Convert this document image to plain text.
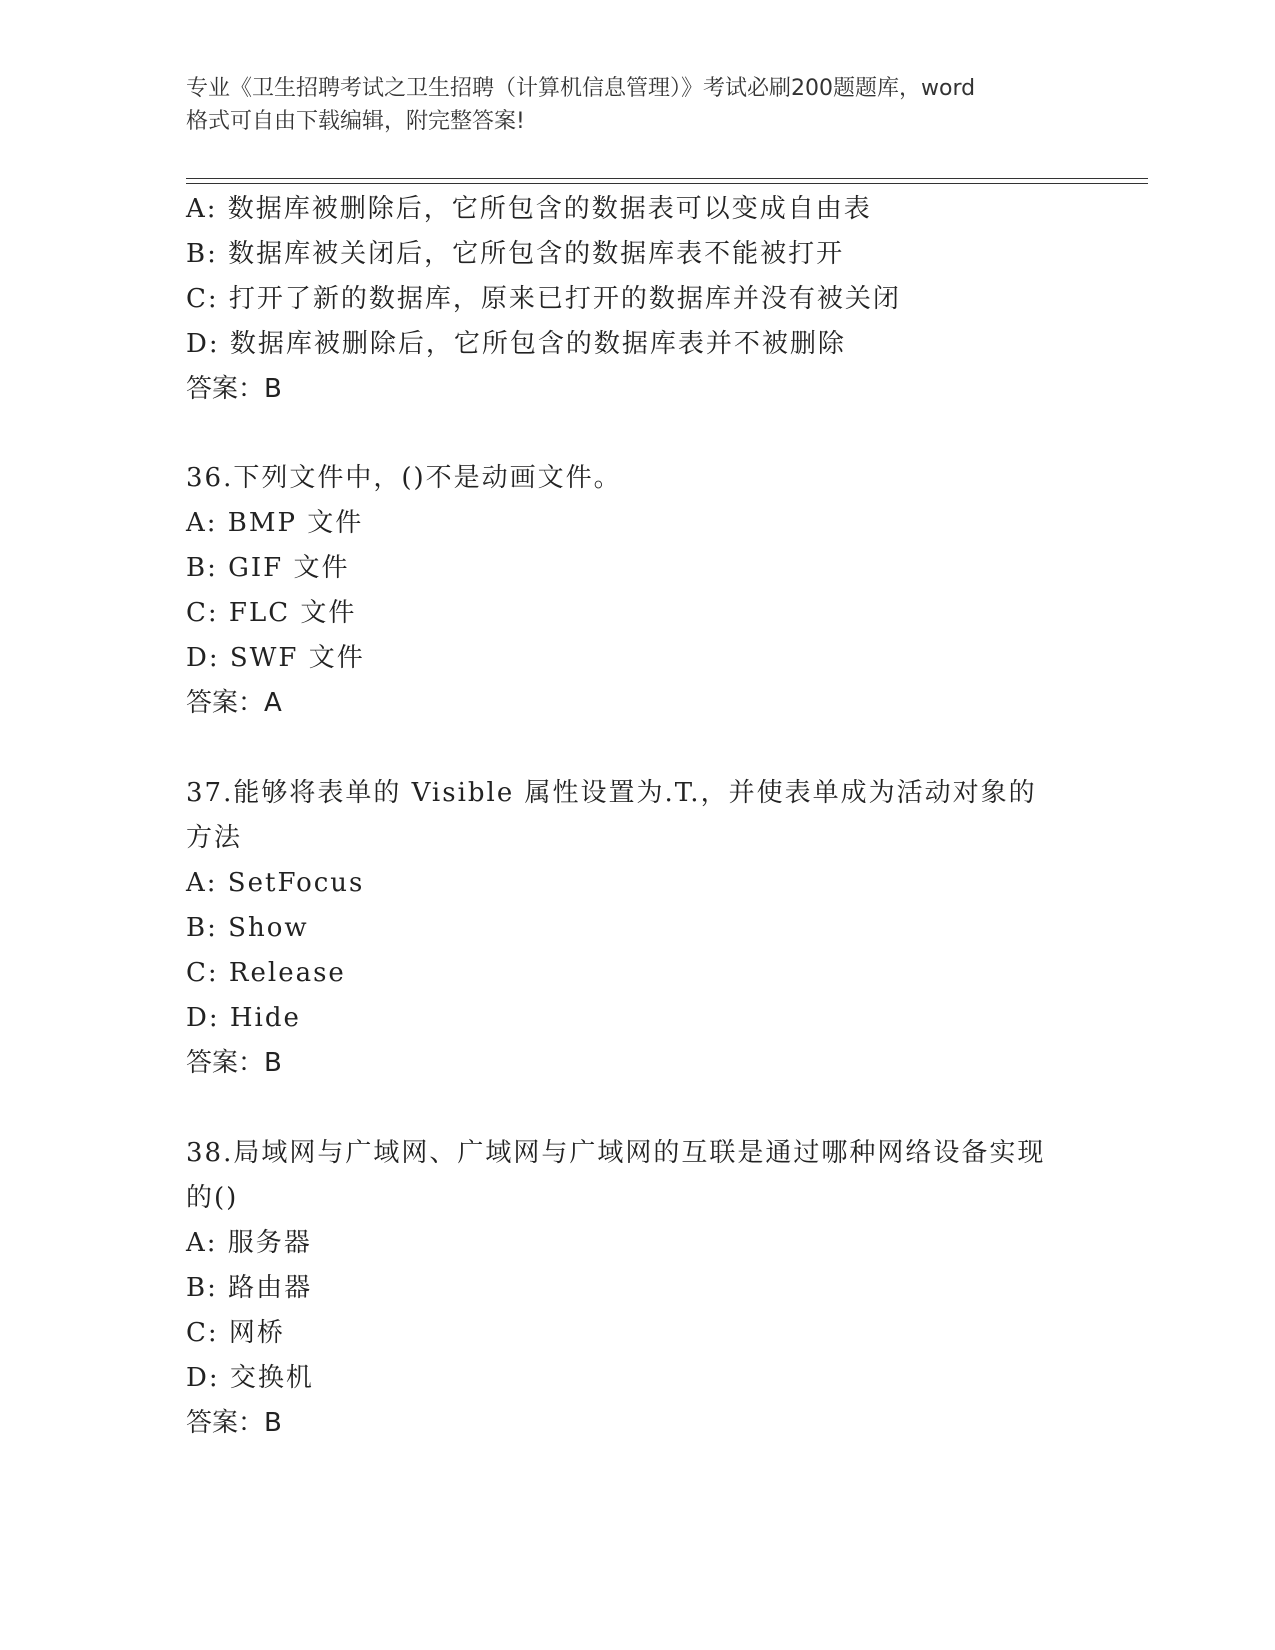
专业《卫生招聘考试之卫生招聘（计算机信息管理）》考试必刷200题题库，word
格式可自由下载编辑，附完整答案!
A: 数据库被删除后，它所包含的数据表可以变成自由表
B: 数据库被关闭后，它所包含的数据库表不能被打开
C: 打开了新的数据库，原来已打开的数据库并没有被关闭
D: 数据库被删除后，它所包含的数据库表并不被删除
答案：B
36.下列文件中，()不是动画文件。
A: BMP 文件
B: GIF 文件
C: FLC 文件
D: SWF 文件
答案：A
37.能够将表单的 Visible 属性设置为.T.，并使表单成为活动对象的
方法
A: SetFocus
B: Show
C: Release
D: Hide
答案：B
38.局域网与广域网、广域网与广域网的互联是通过哪种网络设备实现
的()
A: 服务器
B: 路由器
C: 网桥
D: 交换机
答案：B
